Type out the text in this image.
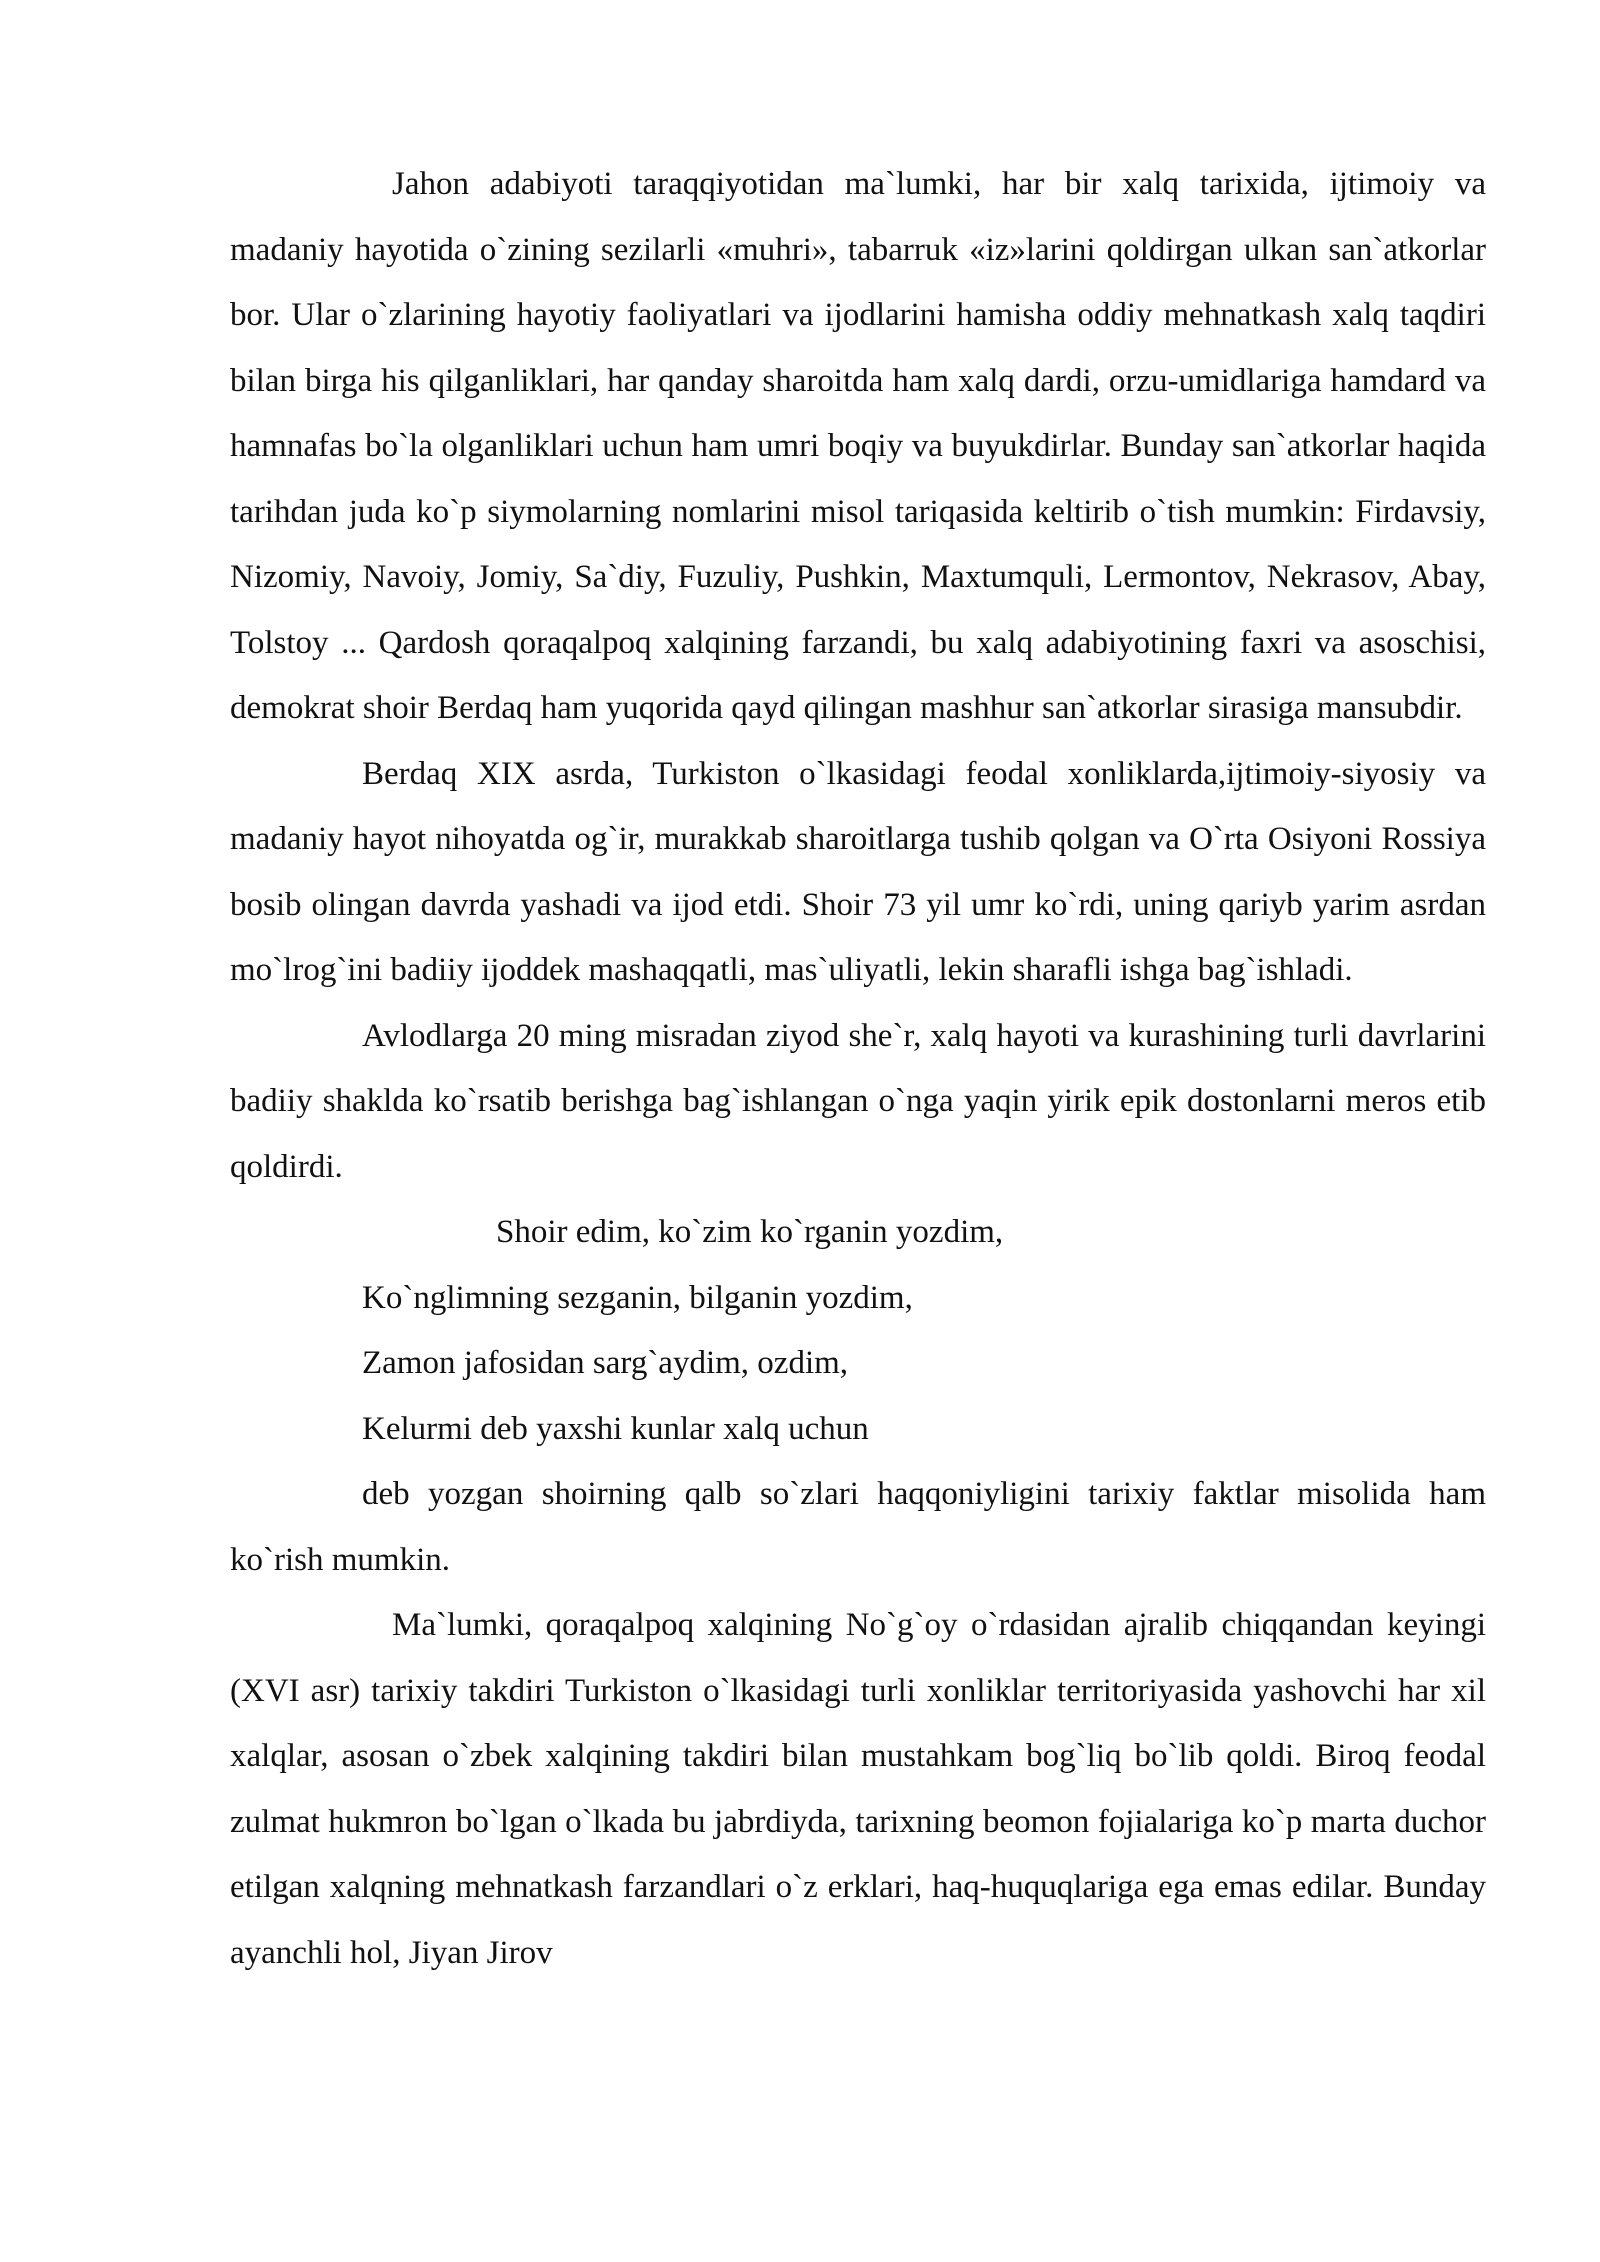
Jahon adabiyoti taraqqiyotidan ma`lumki, har bir xalq tarixida, ijtimoiy va madaniy hayotida o`zining sezilarli «muhri», tabarruk «iz»larini qoldirgan ulkan san`atkorlar bor. Ular o`zlarining hayotiy faoliyatlari va ijodlarini hamisha oddiy mehnatkash xalq taqdiri bilan birga his qilganliklari, har qanday sharoitda ham xalq dardi, orzu-umidlariga hamdard va hamnafas bo`la olganliklari uchun ham umri boqiy va buyukdirlar. Bunday san`atkorlar haqida tarihdan juda ko`p siymolarning nomlarini misol tariqasida keltirib o`tish mumkin: Firdavsiy, Nizomiy, Navoiy, Jomiy, Sa`diy, Fuzuliy, Pushkin, Maxtumquli, Lermontov, Nekrasov, Abay, Tolstoy ... Qardosh qoraqalpoq xalqining farzandi, bu xalq adabiyotining faxri va asoschisi, demokrat shoir Berdaq ham yuqorida qayd qilingan mashhur san`atkorlar sirasiga mansubdir.

Berdaq XIX asrda, Turkiston o`lkasidagi feodal xonliklarda,ijtimoiy-siyosiy va madaniy hayot nihoyatda og`ir, murakkab sharoitlarga tushib qolgan va O`rta Osiyoni Rossiya bosib olingan davrda yashadi va ijod etdi. Shoir 73 yil umr ko`rdi, uning qariyb yarim asrdan mo`lrog`ini badiiy ijoddek mashaqqatli, mas`uliyatli, lekin sharafli ishga bag`ishladi.

Avlodlarga 20 ming misradan ziyod she`r, xalq hayoti va kurashining turli davrlarini badiiy shaklda ko`rsatib berishga bag`ishlangan o`nga yaqin yirik epik dostonlarni meros etib qoldirdi.

Shoir edim, ko`zim ko`rganin yozdim,
Ko`nglimning sezganin, bilganin yozdim,
Zamon jafosidan sarg`aydim, ozdim,
Kelurmi deb yaxshi kunlar xalq uchun

deb yozgan shoirning qalb so`zlari haqqoniyligini tarixiy faktlar misolida ham ko`rish mumkin.

Ma`lumki, qoraqalpoq xalqining No`g`oy o`rdasidan ajralib chiqqandan keyingi (XVI asr) tarixiy takdiri Turkiston o`lkasidagi turli xonliklar territoriyasida yashovchi har xil xalqlar, asosan o`zbek xalqining takdiri bilan mustahkam bog`liq bo`lib qoldi. Biroq feodal zulmat hukmron bo`lgan o`lkada bu jabrdiyda, tarixning beomon fojialariga ko`p marta duchor etilgan xalqning mehnatkash farzandlari o`z erklari, haq-huquqlariga ega emas edilar. Bunday ayanchli hol, Jiyan Jirov
